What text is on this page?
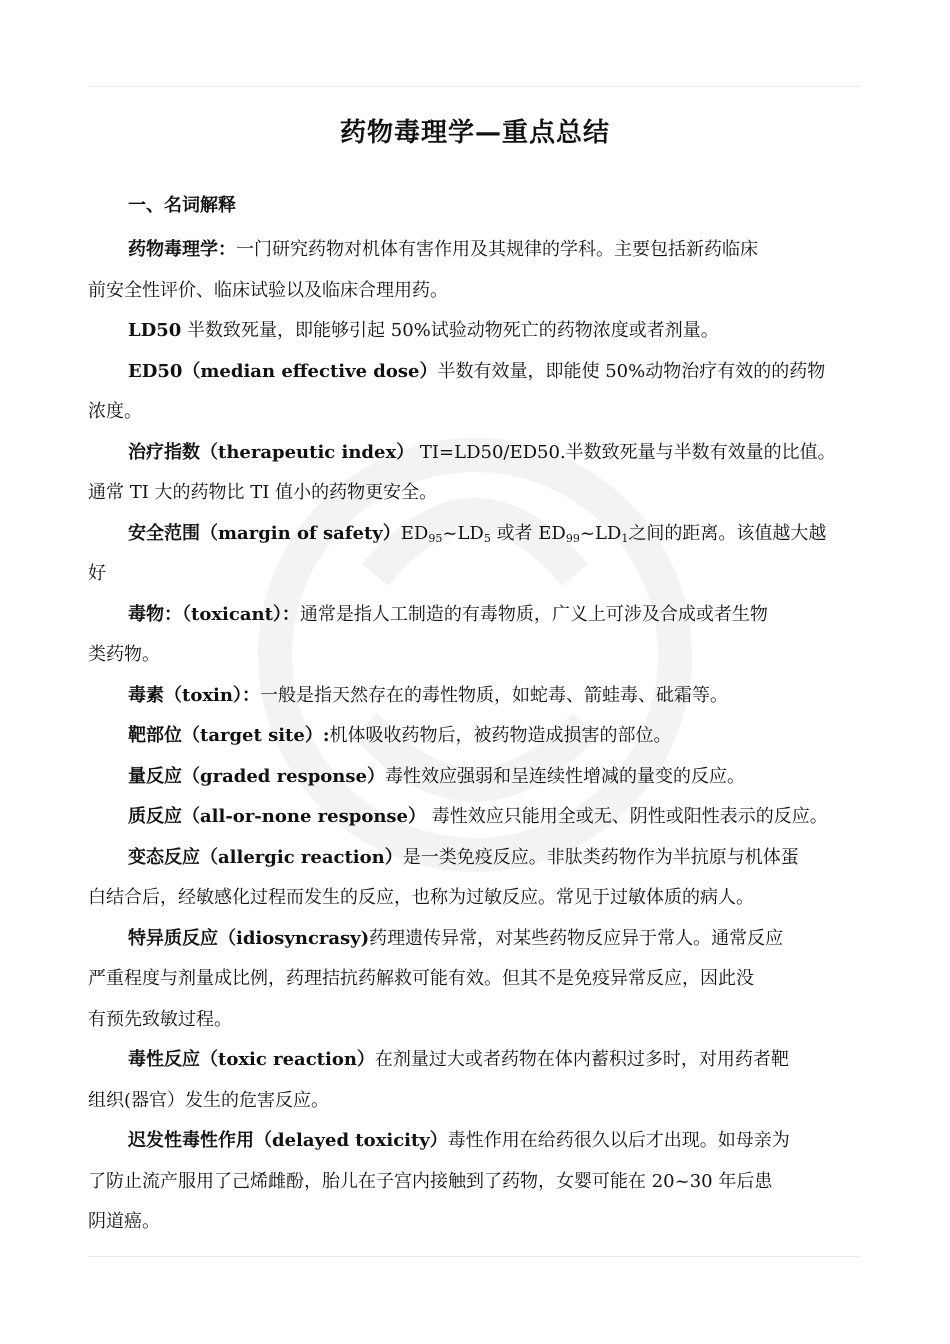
药物毒理学—重点总结
一、名词解释

药物毒理学：一门研究药物对机体有害作用及其规律的学科。主要包括新药临床
前安全性评价、临床试验以及临床合理用药。

LD50 半数致死量，即能够引起 50%试验动物死亡的药物浓度或者剂量。

ED50（median effective dose）半数有效量，即能使 50%动物治疗有效的的药物
浓度。

治疗指数（therapeutic index） TI=LD50/ED50.半数致死量与半数有效量的比值。
通常 TI 大的药物比 TI 值小的药物更安全。

安全范围（margin of $safety)ED_{95}\sim LD_5$ 或者 $ED_{99}\sim LD_1$之间的距离。该值越大越
好

毒物：（toxicant）：通常是指人工制造的有毒物质，广义上可涉及合成或者生物
类药物。

毒素（toxin）：一般是指天然存在的毒性物质，如蛇毒、箭蛙毒、砒霜等。

靶部位（target site）:机体吸收药物后，被药物造成损害的部位。

量反应（graded response）毒性效应强弱和呈连续性增减的量变的反应。

质反应（all-or-none response） 毒性效应只能用全或无、阴性或阳性表示的反应。

变态反应（allergic reaction）是一类免疫反应。非肽类药物作为半抗原与机体蛋
白结合后，经敏感化过程而发生的反应，也称为过敏反应。常见于过敏体质的病人。

特异质反应（idiosyncrasy)药理遗传异常，对某些药物反应异于常人。通常反应
严重程度与剂量成比例，药理拮抗药解救可能有效。但其不是免疫异常反应，因此没
有预先致敏过程。

毒性反应（toxic reaction）在剂量过大或者药物在体内蓄积过多时，对用药者靶
组织(器官）发生的危害反应。

迟发性毒性作用（delayed toxicity）毒性作用在给药很久以后才出现。如母亲为
了防止流产服用了己烯雌酚，胎儿在子宫内接触到了药物，女婴可能在 20~30 年后患
阴道癌。
